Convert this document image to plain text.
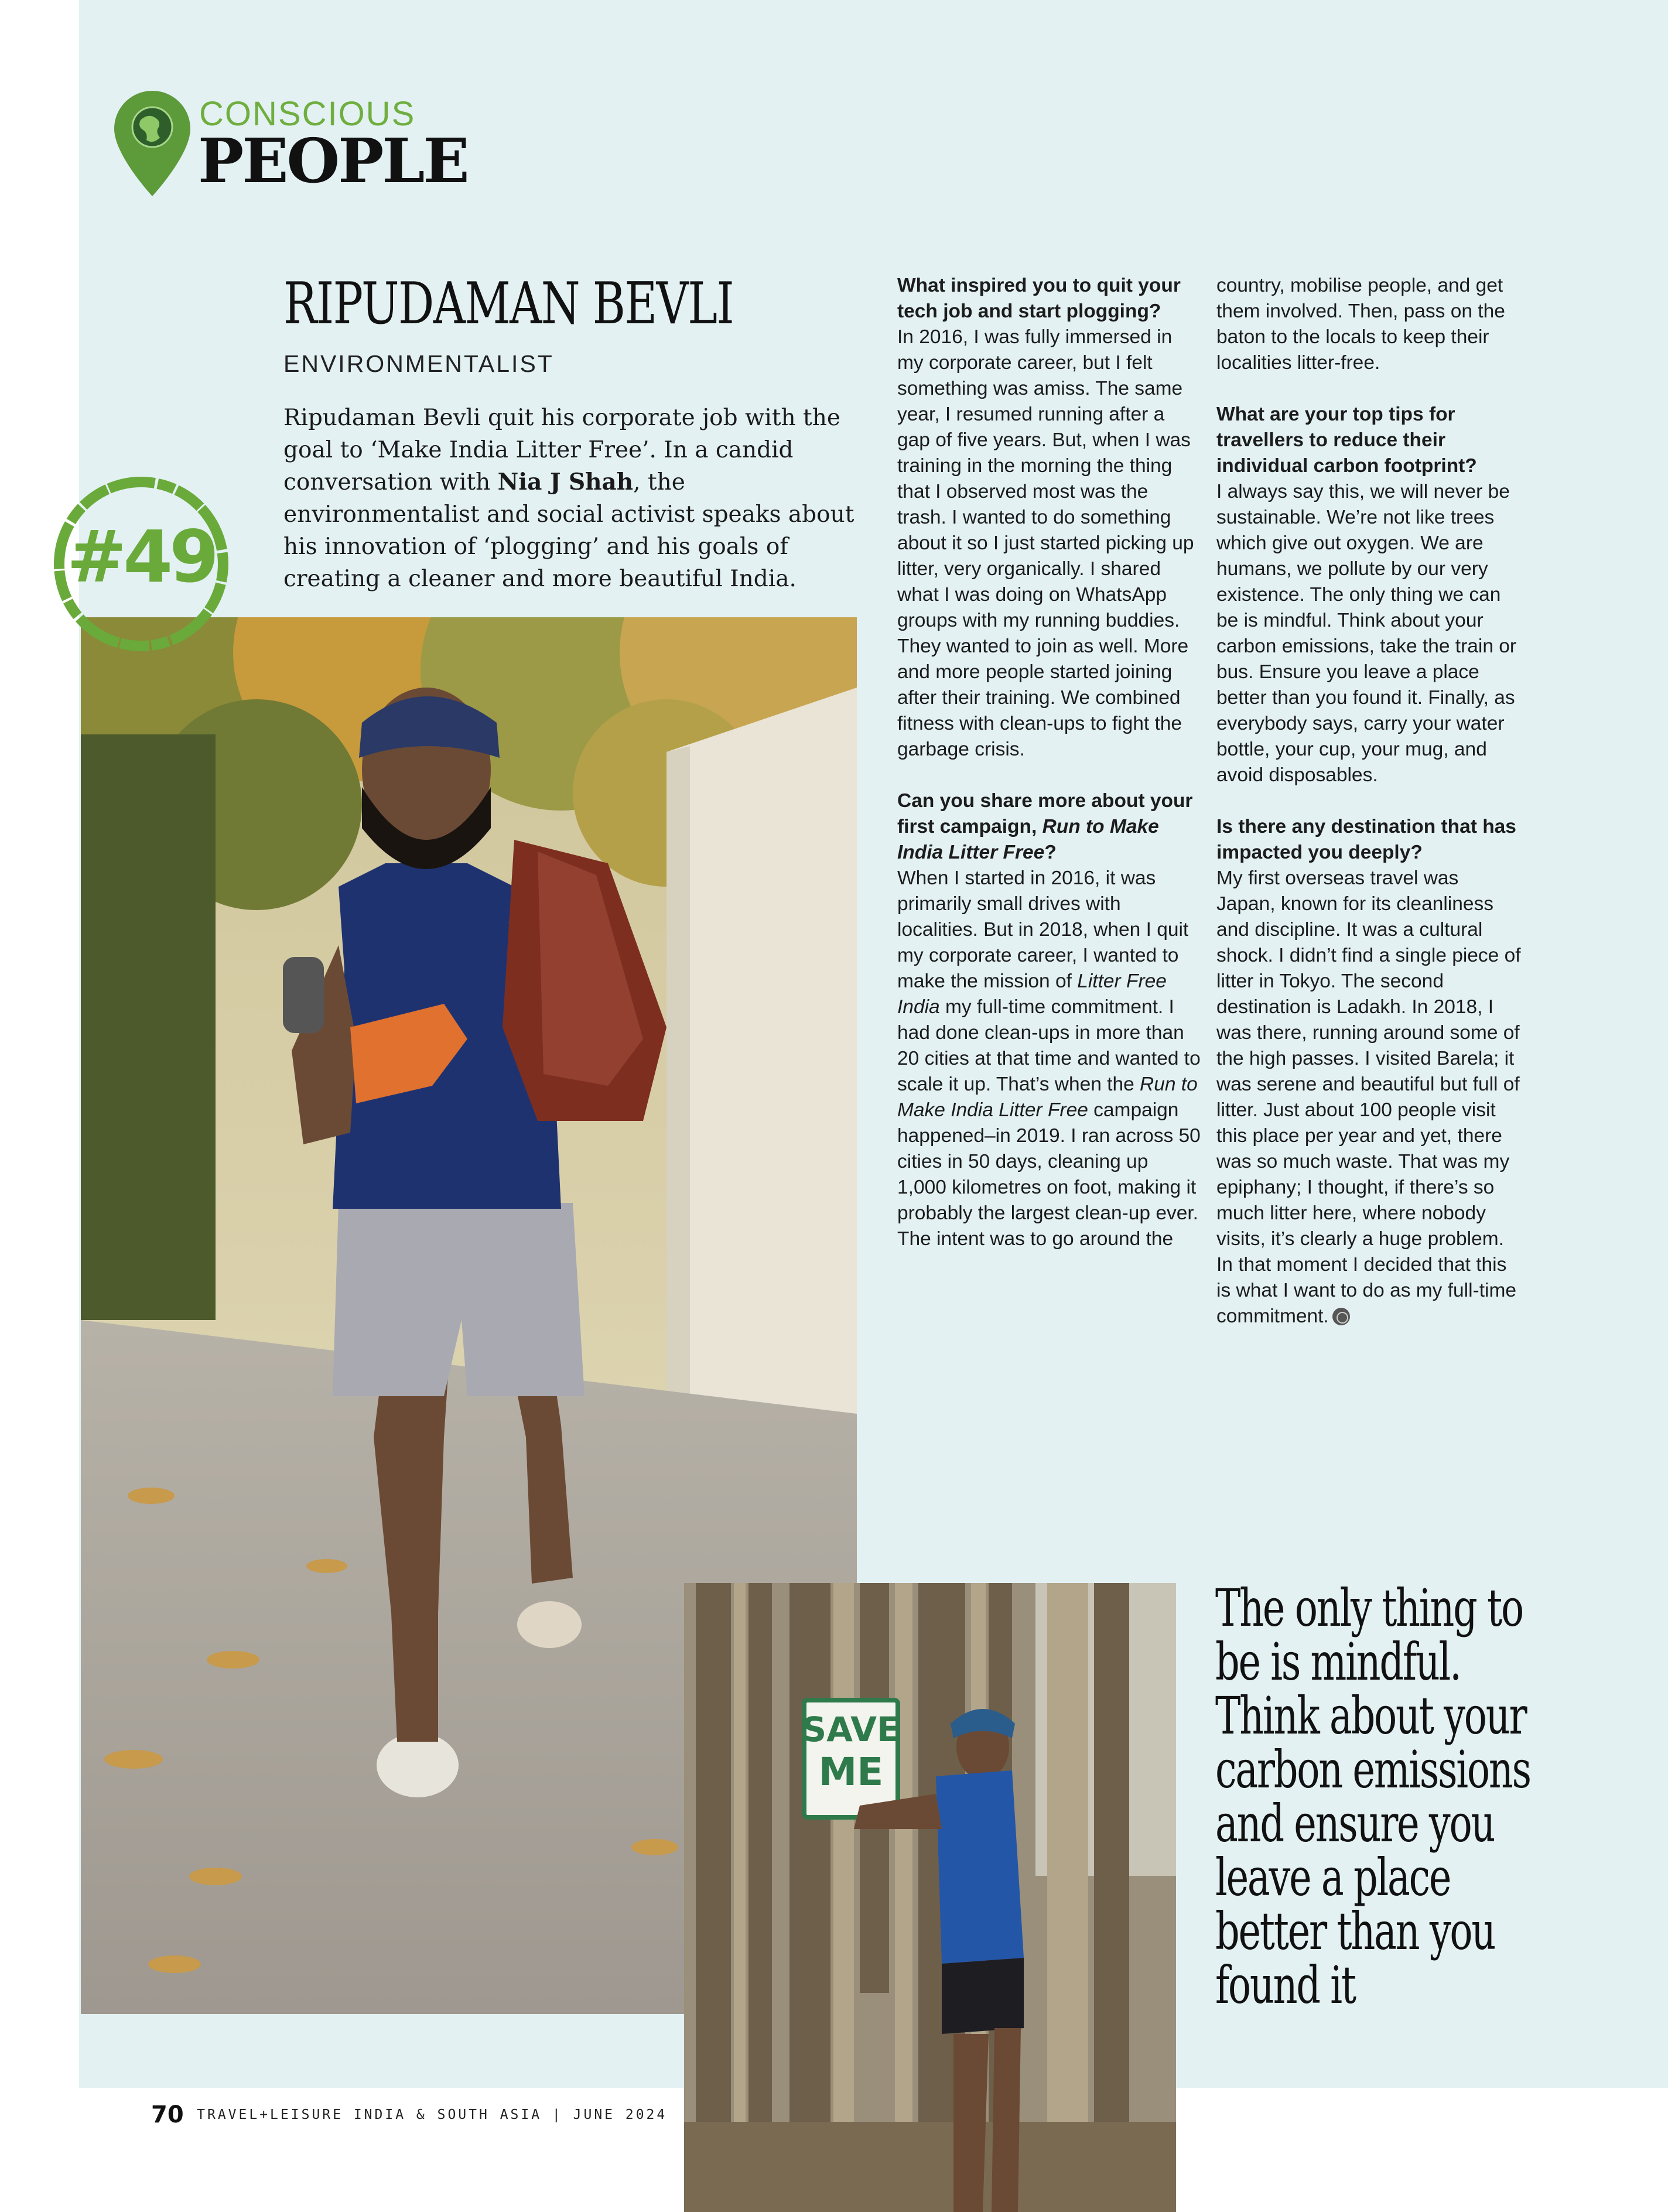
CONSCIOUS
PEOPLE
RIPUDAMAN BEVLI
ENVIRONMENTALIST

Ripudaman Bevli quit his corporate job with the goal to ‘Make India Litter Free’. In a candid conversation with Nia J Shah, the environmentalist and social activist speaks about his innovation of ‘plogging’ and his goals of creating a cleaner and more beautiful India.

#49
What inspired you to quit your tech job and start plogging?
In 2016, I was fully immersed in my corporate career, but I felt something was amiss. The same year, I resumed running after a gap of five years. But, when I was training in the morning the thing that I observed most was the trash. I wanted to do something about it so I just started picking up litter, very organically. I shared what I was doing on WhatsApp groups with my running buddies. They wanted to join as well. More and more people started joining after their training. We combined fitness with clean-ups to fight the garbage crisis.
Can you share more about your first campaign, Run to Make India Litter Free?
When I started in 2016, it was primarily small drives with localities. But in 2018, when I quit my corporate career, I wanted to make the mission of Litter Free India my full-time commitment. I had done clean-ups in more than 20 cities at that time and wanted to scale it up. That’s when the Run to Make India Litter Free campaign happened–in 2019. I ran across 50 cities in 50 days, cleaning up 1,000 kilometres on foot, making it probably the largest clean-up ever. The intent was to go around the
country, mobilise people, and get them involved. Then, pass on the baton to the locals to keep their localities litter-free.
What are your top tips for travellers to reduce their individual carbon footprint?
I always say this, we will never be sustainable. We’re not like trees which give out oxygen. We are humans, we pollute by our very existence. The only thing we can be is mindful. Think about your carbon emissions, take the train or bus. Ensure you leave a place better than you found it. Finally, as everybody says, carry your water bottle, your cup, your mug, and avoid disposables.
Is there any destination that has impacted you deeply?
My first overseas travel was Japan, known for its cleanliness and discipline. It was a cultural shock. I didn’t find a single piece of litter in Tokyo. The second destination is Ladakh. In 2018, I was there, running around some of the high passes. I visited Barela; it was serene and beautiful but full of litter. Just about 100 people visit this place per year and yet, there was so much waste. That was my epiphany; I thought, if there’s so much litter here, where nobody visits, it’s clearly a huge problem. In that moment I decided that this is what I want to do as my full-time commitment.
SAVE
ME

The only thing to be is mindful. Think about your carbon emissions and ensure you leave a place better than you found it

70 TRAVEL+LEISURE INDIA & SOUTH ASIA | JUNE 2024
